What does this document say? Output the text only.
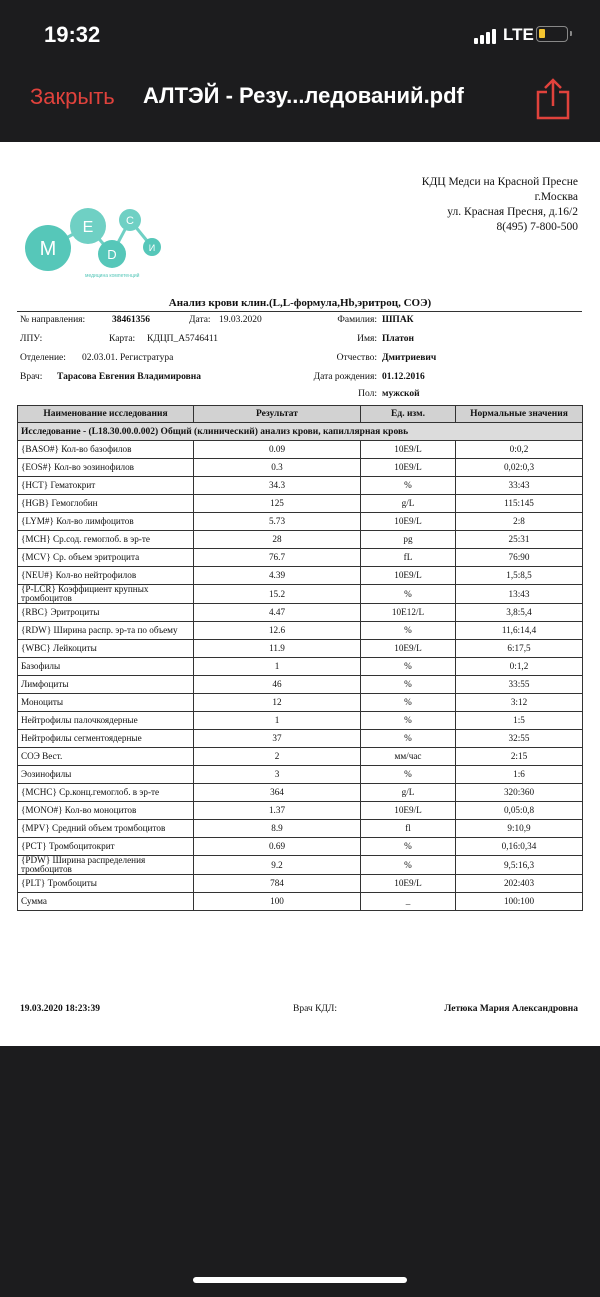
19:32	LTE
Закрыть АЛТЭЙ - Резу...ледований.pdf
M
E
D
C
И
медицина компетенций
КДЦ Медси на Красной Пресне
г.Москва
ул. Красная Пресня, д.16/2
8(495) 7-800-500
Анализ крови клин.(L,L-формула,Hb,эритроц, СОЭ)
№ направления:	38461356	Дата: 19.03.2020
ЛПУ:	Карта: КДЦП_А5746411
Отделение: 02.03.01. Регистратура
Врач: Тарасова Евгения Владимировна
Фамилия: ШПАК
Имя: Платон
Отчество: Дмитриевич
Дата рождения: 01.12.2016
Пол: мужской
Наименование исследования	Результат	Ед. изм.	Нормальные значения
Исследование - (L18.30.00.0.002) Общий (клинический) анализ крови, капиллярная кровь			
{BASO#} Кол-во базофилов	0.09	10E9/L	0:0,2
{EOS#} Кол-во эозинофилов	0.3	10E9/L	0,02:0,3
{HCT} Гематокрит	34.3	%	33:43
{HGB} Гемоглобин	125	g/L	115:145
{LYM#} Кол-во лимфоцитов	5.73	10E9/L	2:8
{MCH} Ср.сод. гемоглоб. в эр-те	28	pg	25:31
{MCV} Ср. объем эритроцита	76.7	fL	76:90
{NEU#} Кол-во нейтрофилов	4.39	10E9/L	1,5:8,5
{P-LCR} Коэффициент крупных тромбоцитов	15.2	%	13:43
{RBC} Эритроциты	4.47	10E12/L	3,8:5,4
{RDW} Ширина распр. эр-та по объему	12.6	%	11,6:14,4
{WBC} Лейкоциты	11.9	10E9/L	6:17,5
Базофилы	1	%	0:1,2
Лимфоциты	46	%	33:55
Моноциты	12	%	3:12
Нейтрофилы палочкоядерные	1	%	1:5
Нейтрофилы сегментоядерные	37	%	32:55
СОЭ Вест.	2	мм/час	2:15
Эозинофилы	3	%	1:6
{MCHC} Ср.конц.гемоглоб. в эр-те	364	g/L	320:360
{MONO#} Кол-во моноцитов	1.37	10E9/L	0,05:0,8
{MPV} Средний объем тромбоцитов	8.9	fl	9:10,9
{PCT} Тромбоцитокрит	0.69	%	0,16:0,34
{PDW} Ширина распределения тромбоцитов	9.2	%	9,5:16,3
{PLT} Тромбоциты	784	10E9/L	202:403
Сумма	100	_	100:100
19.03.2020 18:23:39	Врач КДЛ:	Летюка Мария Александровна
